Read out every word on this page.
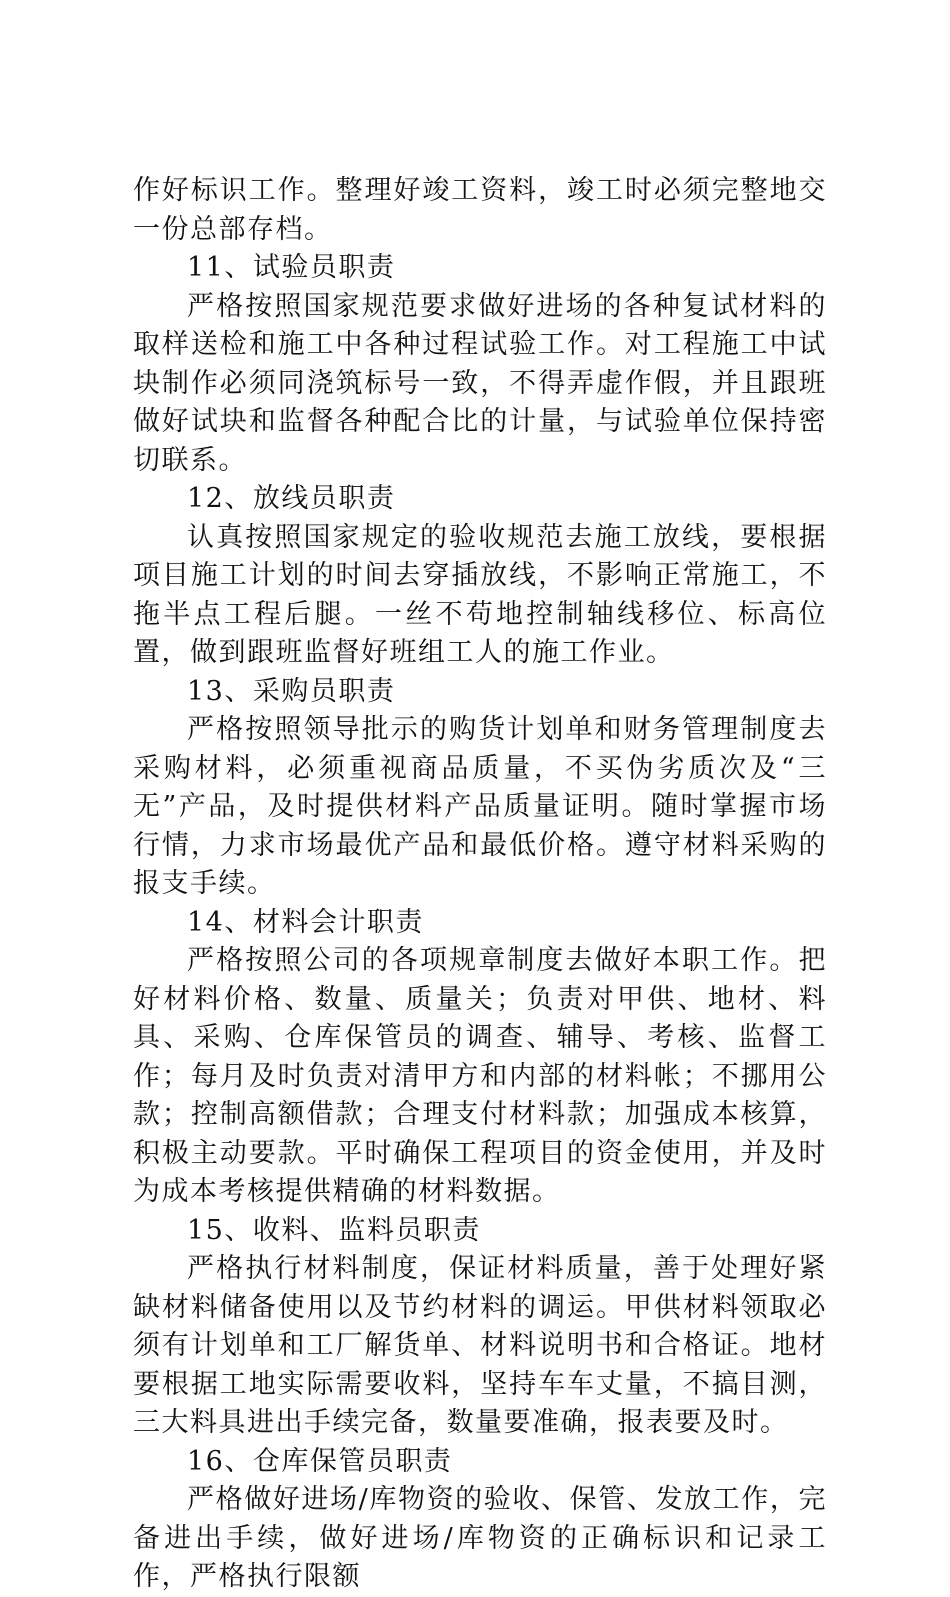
作好标识工作。整理好竣工资料，竣工时必须完整地交一份总部存档。

11、试验员职责

严格按照国家规范要求做好进场的各种复试材料的取样送检和施工中各种过程试验工作。对工程施工中试块制作必须同浇筑标号一致，不得弄虚作假，并且跟班做好试块和监督各种配合比的计量，与试验单位保持密切联系。

12、放线员职责

认真按照国家规定的验收规范去施工放线，要根据项目施工计划的时间去穿插放线，不影响正常施工，不拖半点工程后腿。一丝不苟地控制轴线移位、标高位置，做到跟班监督好班组工人的施工作业。

13、采购员职责

严格按照领导批示的购货计划单和财务管理制度去采购材料，必须重视商品质量，不买伪劣质次及“三无”产品，及时提供材料产品质量证明。随时掌握市场行情，力求市场最优产品和最低价格。遵守材料采购的报支手续。

14、材料会计职责

严格按照公司的各项规章制度去做好本职工作。把好材料价格、数量、质量关；负责对甲供、地材、料具、采购、仓库保管员的调查、辅导、考核、监督工作；每月及时负责对清甲方和内部的材料帐；不挪用公款；控制高额借款；合理支付材料款；加强成本核算，积极主动要款。平时确保工程项目的资金使用，并及时为成本考核提供精确的材料数据。

15、收料、监料员职责

严格执行材料制度，保证材料质量，善于处理好紧缺材料储备使用以及节约材料的调运。甲供材料领取必须有计划单和工厂解货单、材料说明书和合格证。地材要根据工地实际需要收料，坚持车车丈量，不搞目测，三大料具进出手续完备，数量要准确，报表要及时。

16、仓库保管员职责

严格做好进场/库物资的验收、保管、发放工作，完备进出手续，做好进场/库物资的正确标识和记录工作，严格执行限额
